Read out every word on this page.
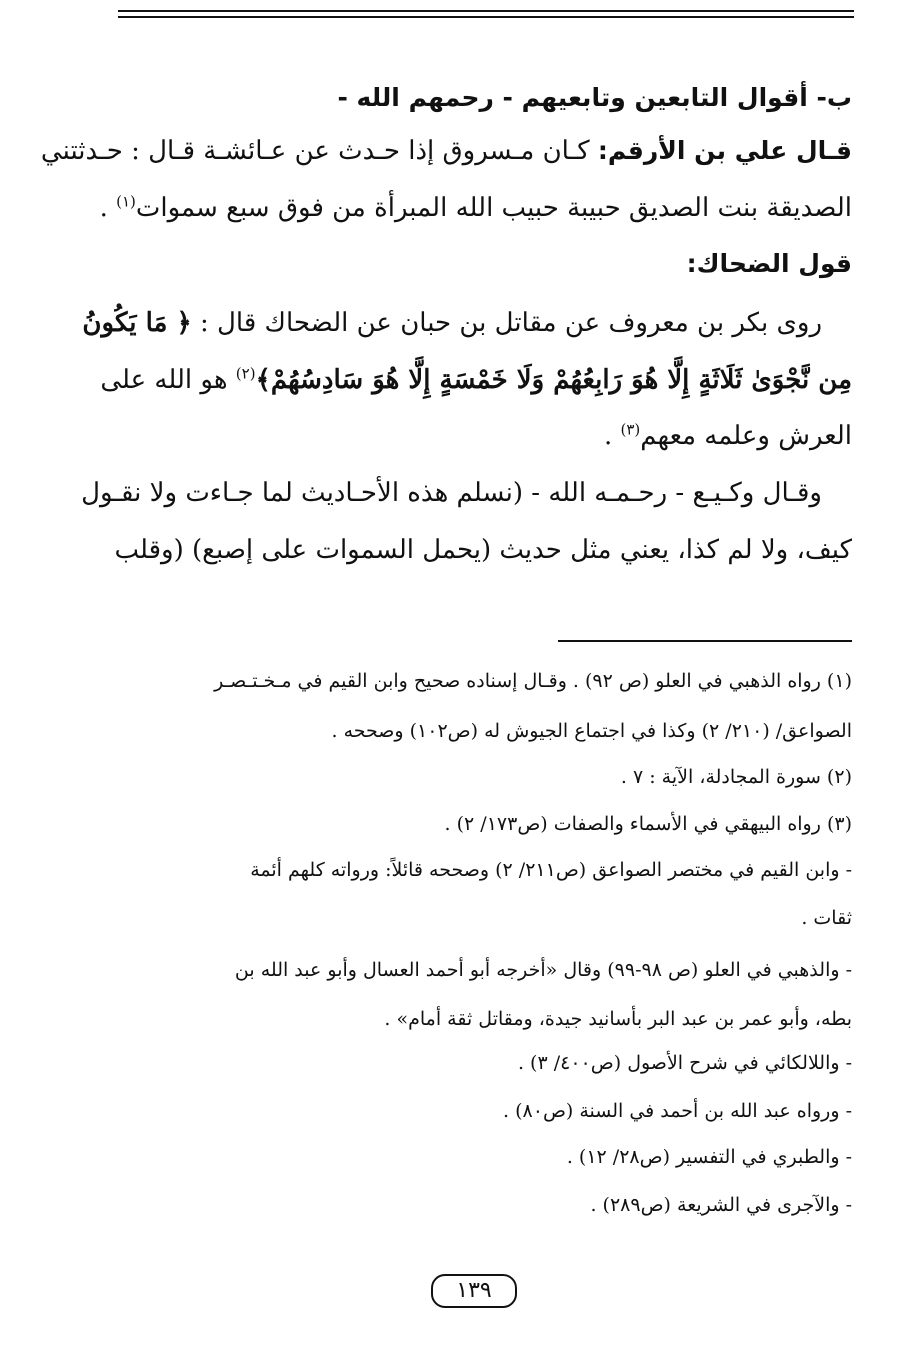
ب- أقوال التابعين وتابعيهم - رحمهم الله -
قـال علي بن الأرقم: كـان مـسروق إذا حـدث عن عـائشـة قـال : حـدثتني
الصديقة بنت الصديق حبيبة حبيب الله المبرأة من فوق سبع سموات$^{(١)}$ .
قول الضحاك:
روى بكر بن معروف عن مقاتل بن حبان عن الضحاك قال : ﴿ مَا يَكُونُ
مِن نَّجْوَىٰ ثَلَاثَةٍ إِلَّا هُوَ رَابِعُهُمْ وَلَا خَمْسَةٍ إِلَّا هُوَ سَادِسُهُمْ﴾$^{(٢)}$ هو الله على
العرش وعلمه معهم$^{(٣)}$ .
وقـال وكـيـع - رحـمـه الله - (نسلم هذه الأحـاديث لما جـاءت ولا نقـول
كيف، ولا لم كذا، يعني مثل حديث (يحمل السموات على إصبع) (وقلب
(١) رواه الذهبي في العلو (ص ٩٢) . وقـال إسناده صحيح وابن القيم في مـخـتـصـر
الصواعق/ (٢١٠/ ٢) وكذا في اجتماع الجيوش له (ص١٠٢) وصححه .
(٢) سورة المجادلة، الآية : ٧ .
(٣) رواه البيهقي في الأسماء والصفات (ص١٧٣/ ٢) .
- وابن القيم في مختصر الصواعق (ص٢١١/ ٢) وصححه قائلاً: ورواته كلهم أئمة
ثقات .
- والذهبي في العلو (ص ٩٨-٩٩) وقال «أخرجه أبو أحمد العسال وأبو عبد الله بن
بطه، وأبو عمر بن عبد البر بأسانيد جيدة، ومقاتل ثقة أمام» .
- واللالكائي في شرح الأصول (ص٤٠٠/ ٣) .
- ورواه عبد الله بن أحمد في السنة (ص٨٠) .
- والطبري في التفسير (ص٢٨/ ١٢) .
- والآجرى في الشريعة (ص٢٨٩) .
١٣٩
